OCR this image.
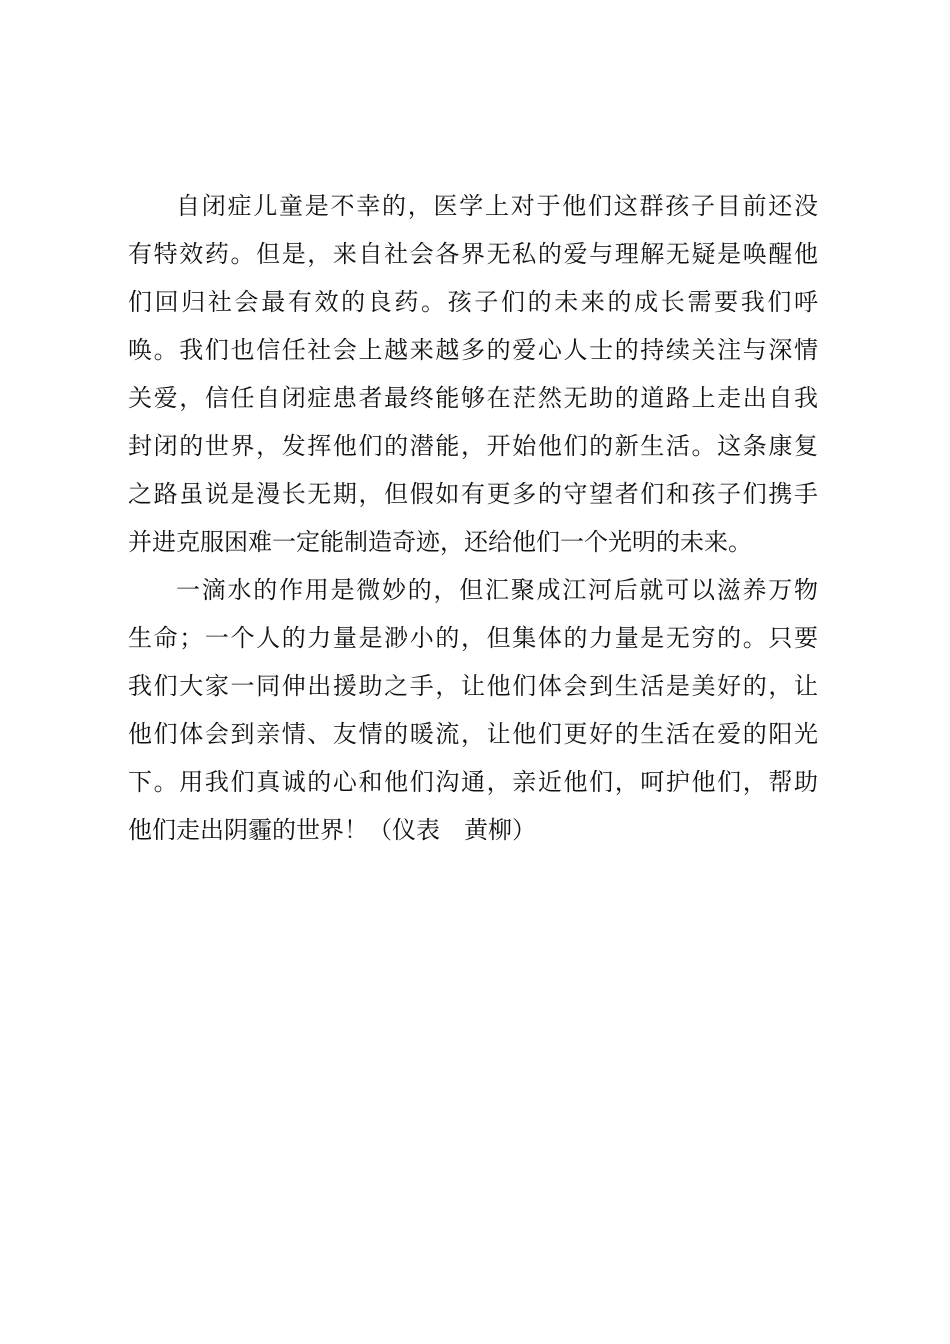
自闭症儿童是不幸的，医学上对于他们这群孩子目前还没
有特效药。但是，来自社会各界无私的爱与理解无疑是唤醒他
们回归社会最有效的良药。孩子们的未来的成长需要我们呼
唤。我们也信任社会上越来越多的爱心人士的持续关注与深情
关爱，信任自闭症患者最终能够在茫然无助的道路上走出自我
封闭的世界，发挥他们的潜能，开始他们的新生活。这条康复
之路虽说是漫长无期，但假如有更多的守望者们和孩子们携手
并进克服困难一定能制造奇迹，还给他们一个光明的未来。
一滴水的作用是微妙的，但汇聚成江河后就可以滋养万物
生命；一个人的力量是渺小的，但集体的力量是无穷的。只要
我们大家一同伸出援助之手，让他们体会到生活是美好的，让
他们体会到亲情、友情的暖流，让他们更好的生活在爱的阳光
下。用我们真诚的心和他们沟通，亲近他们，呵护他们，帮助
他们走出阴霾的世界！（仪表　黄柳）
